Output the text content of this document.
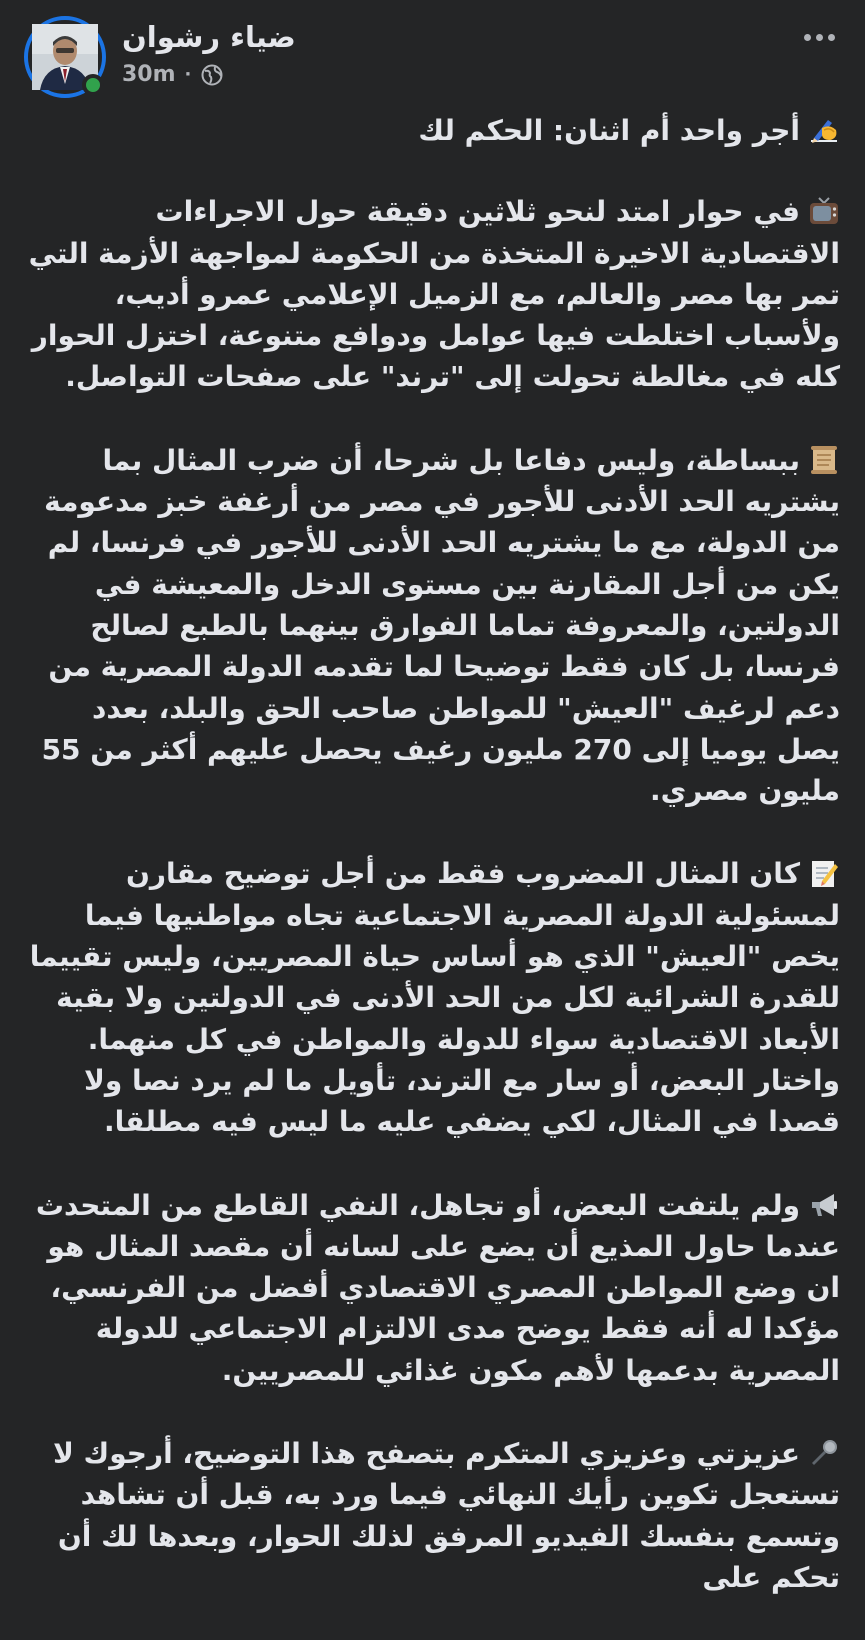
ضياء رشوان
30m ·

أجر واحد أم اثنان: الحكم لك

في حوار امتد لنحو ثلاثين دقيقة حول الاجراءات الاقتصادية الاخيرة المتخذة من الحكومة لمواجهة الأزمة التي تمر بها مصر والعالم، مع الزميل الإعلامي عمرو أديب، ولأسباب اختلطت فيها عوامل ودوافع متنوعة، اختزل الحوار كله في مغالطة تحولت إلى "ترند" على صفحات التواصل.

ببساطة، وليس دفاعا بل شرحا، أن ضرب المثال بما يشتريه الحد الأدنى للأجور في مصر من أرغفة خبز مدعومة من الدولة، مع ما يشتريه الحد الأدنى للأجور في فرنسا، لم يكن من أجل المقارنة بين مستوى الدخل والمعيشة في الدولتين، والمعروفة تماما الفوارق بينهما بالطبع لصالح فرنسا، بل كان فقط توضيحا لما تقدمه الدولة المصرية من دعم لرغيف "العيش" للمواطن صاحب الحق والبلد، بعدد يصل يوميا إلى 270 مليون رغيف يحصل عليهم أكثر من 55 مليون مصري.

كان المثال المضروب فقط من أجل توضيح مقارن لمسئولية الدولة المصرية الاجتماعية تجاه مواطنيها فيما يخص "العيش" الذي هو أساس حياة المصريين، وليس تقييما للقدرة الشرائية لكل من الحد الأدنى في الدولتين ولا بقية الأبعاد الاقتصادية سواء للدولة والمواطن في كل منهما. واختار البعض، أو سار مع الترند، تأويل ما لم يرد نصا ولا قصدا في المثال، لكي يضفي عليه ما ليس فيه مطلقا.

ولم يلتفت البعض، أو تجاهل، النفي القاطع من المتحدث عندما حاول المذيع أن يضع على لسانه أن مقصد المثال هو ان وضع المواطن المصري الاقتصادي أفضل من الفرنسي، مؤكدا له أنه فقط يوضح مدى الالتزام الاجتماعي للدولة المصرية بدعمها لأهم مكون غذائي للمصريين.

عزيزتي وعزيزي المتكرم بتصفح هذا التوضيح، أرجوك لا تستعجل تكوين رأيك النهائي فيما ورد به، قبل أن تشاهد وتسمع بنفسك الفيديو المرفق لذلك الحوار، وبعدها لك أن تحكم على
